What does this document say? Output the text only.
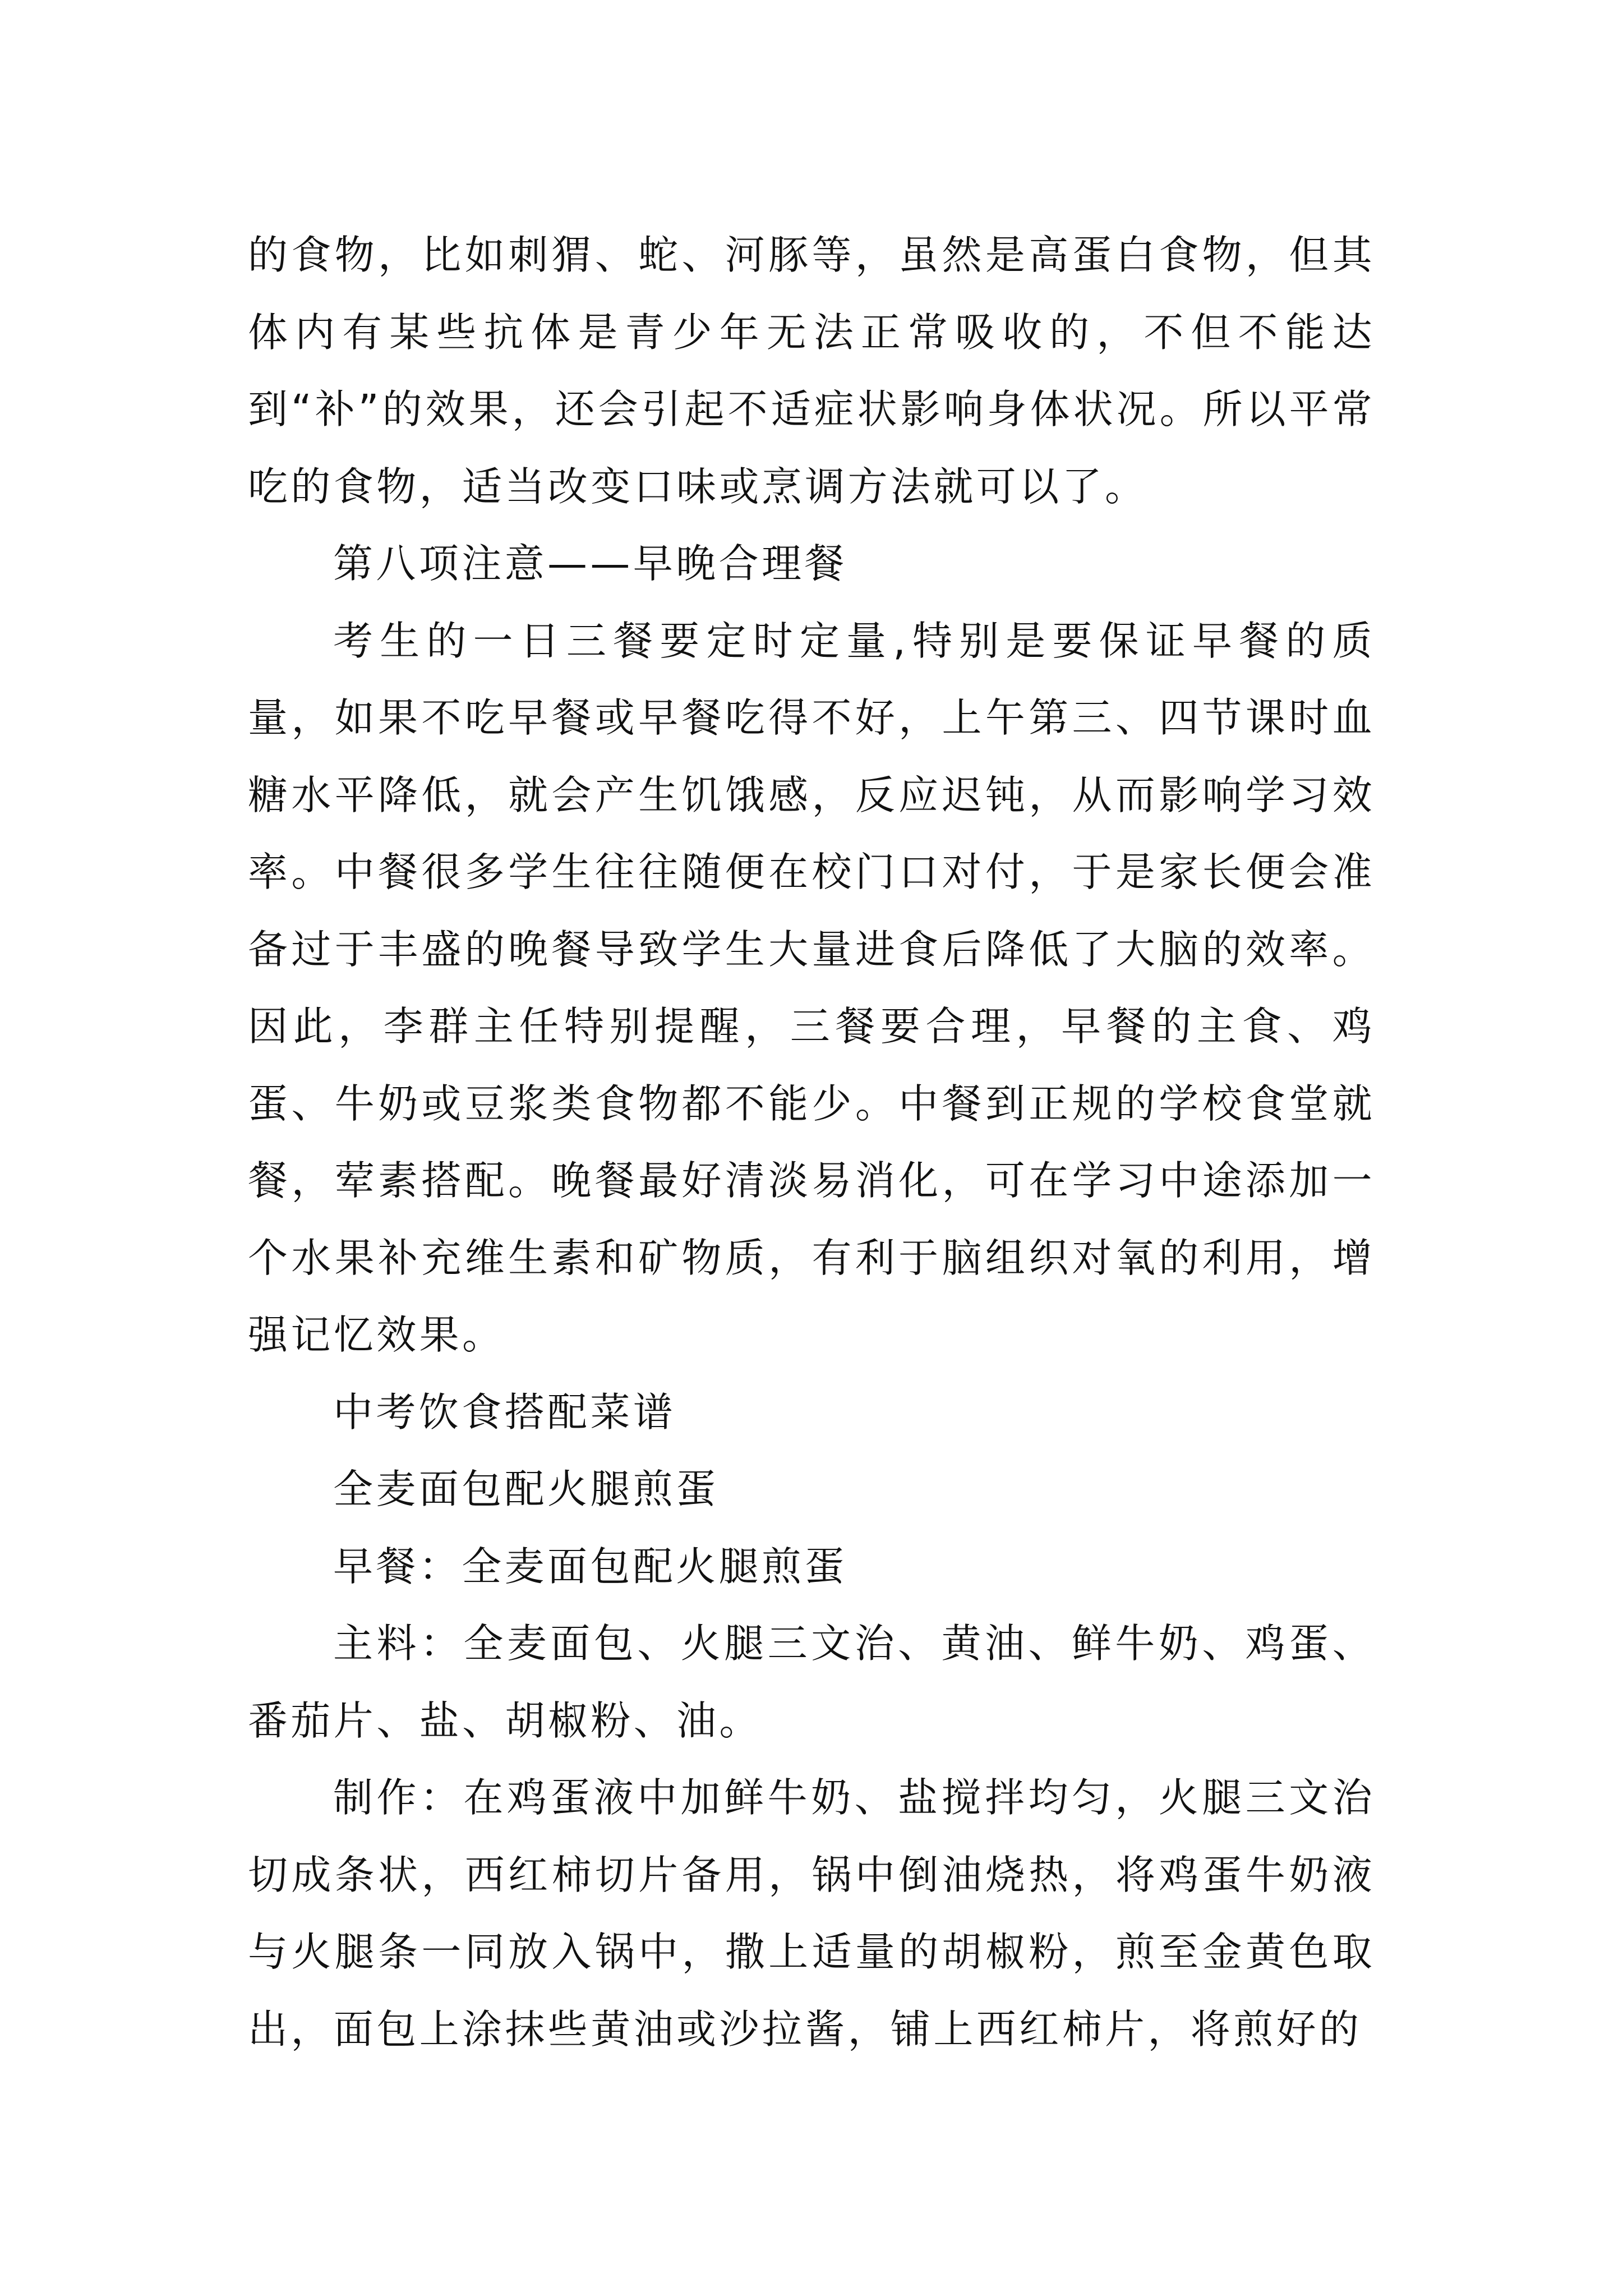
的食物，比如刺猬、蛇、河豚等，虽然是高蛋白食物，但其体内有某些抗体是青少年无法正常吸收的，不但不能达到“补”的效果，还会引起不适症状影响身体状况。所以平常吃的食物，适当改变口味或烹调方法就可以了。

第八项注意——早晚合理餐

考生的一日三餐要定时定量,特别是要保证早餐的质量，如果不吃早餐或早餐吃得不好，上午第三、四节课时血糖水平降低，就会产生饥饿感，反应迟钝，从而影响学习效率。中餐很多学生往往随便在校门口对付，于是家长便会准备过于丰盛的晚餐导致学生大量进食后降低了大脑的效率。因此，李群主任特别提醒，三餐要合理，早餐的主食、鸡蛋、牛奶或豆浆类食物都不能少。中餐到正规的学校食堂就餐，荤素搭配。晚餐最好清淡易消化，可在学习中途添加一个水果补充维生素和矿物质，有利于脑组织对氧的利用，增强记忆效果。

中考饮食搭配菜谱

全麦面包配火腿煎蛋

早餐：全麦面包配火腿煎蛋

主料：全麦面包、火腿三文治、黄油、鲜牛奶、鸡蛋、番茄片、盐、胡椒粉、油。

制作：在鸡蛋液中加鲜牛奶、盐搅拌均匀，火腿三文治切成条状，西红柿切片备用，锅中倒油烧热，将鸡蛋牛奶液与火腿条一同放入锅中，撒上适量的胡椒粉，煎至金黄色取出，面包上涂抹些黄油或沙拉酱，铺上西红柿片，将煎好的
